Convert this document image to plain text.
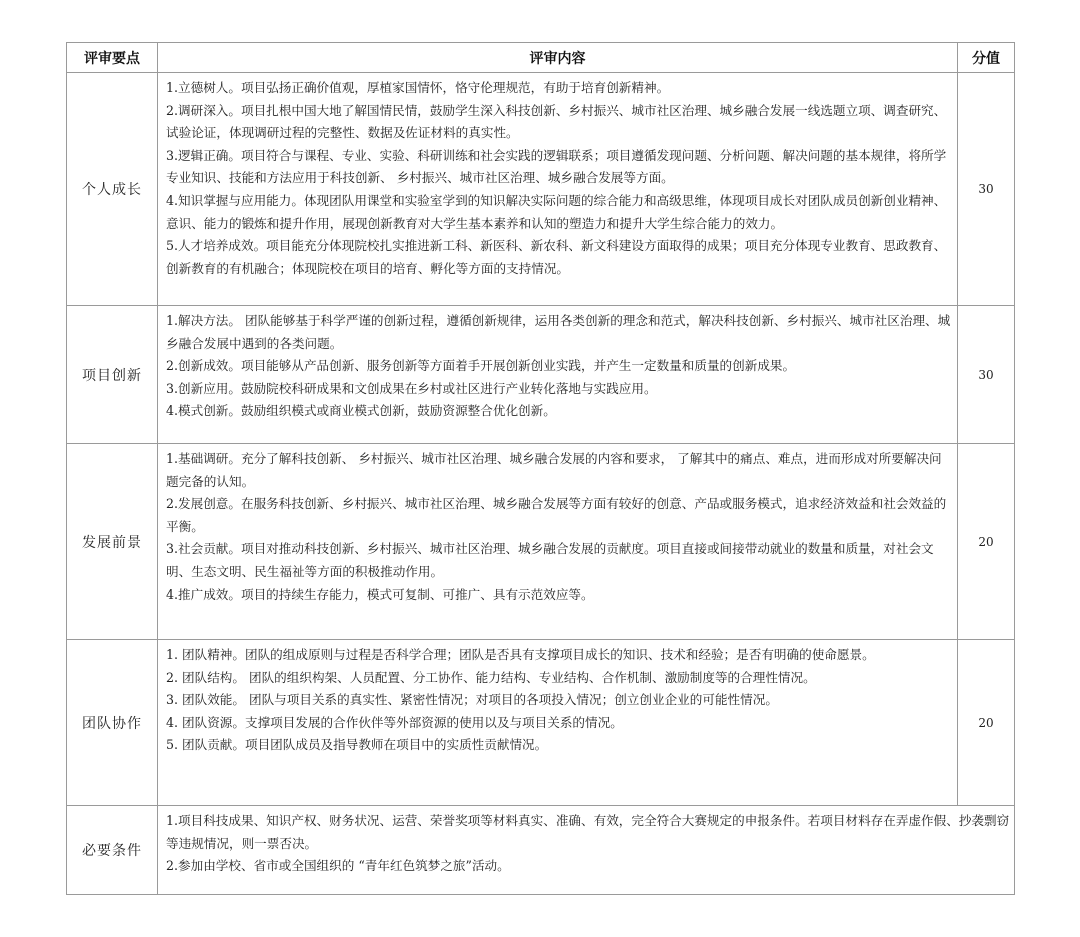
评审要点	评审内容	分值
个人成长	1.立德树人。项目弘扬正确价值观，厚植家国情怀，恪守伦理规范，有助于培育创新精神。
2.调研深入。项目扎根中国大地了解国情民情，鼓励学生深入科技创新、乡村振兴、城市社区治理、城乡融合发展一线选题立项、调查研究、试验论证，体现调研过程的完整性、数据及佐证材料的真实性。
3.逻辑正确。项目符合与课程、专业、实验、科研训练和社会实践的逻辑联系；项目遵循发现问题、分析问题、解决问题的基本规律，将所学专业知识、技能和方法应用于科技创新、 乡村振兴、城市社区治理、城乡融合发展等方面。
4.知识掌握与应用能力。体现团队用课堂和实验室学到的知识解决实际问题的综合能力和高级思维，体现项目成长对团队成员创新创业精神、意识、能力的锻炼和提升作用，展现创新教育对大学生基本素养和认知的塑造力和提升大学生综合能力的效力。
5.人才培养成效。项目能充分体现院校扎实推进新工科、新医科、新农科、新文科建设方面取得的成果；项目充分体现专业教育、思政教育、创新教育的有机融合；体现院校在项目的培育、孵化等方面的支持情况。	30
项目创新	1.解决方法。 团队能够基于科学严谨的创新过程，遵循创新规律，运用各类创新的理念和范式，解决科技创新、乡村振兴、城市社区治理、城乡融合发展中遇到的各类问题。
2.创新成效。项目能够从产品创新、服务创新等方面着手开展创新创业实践，并产生一定数量和质量的创新成果。
3.创新应用。鼓励院校科研成果和文创成果在乡村或社区进行产业转化落地与实践应用。
4.模式创新。鼓励组织模式或商业模式创新，鼓励资源整合优化创新。	30
发展前景	1.基础调研。充分了解科技创新、 乡村振兴、城市社区治理、城乡融合发展的内容和要求， 了解其中的痛点、难点，进而形成对所要解决问题完备的认知。
2.发展创意。在服务科技创新、乡村振兴、城市社区治理、城乡融合发展等方面有较好的创意、产品或服务模式，追求经济效益和社会效益的平衡。
3.社会贡献。项目对推动科技创新、乡村振兴、城市社区治理、城乡融合发展的贡献度。项目直接或间接带动就业的数量和质量，对社会文明、生态文明、民生福祉等方面的积极推动作用。
4.推广成效。项目的持续生存能力，模式可复制、可推广、具有示范效应等。	20
团队协作	1. 团队精神。团队的组成原则与过程是否科学合理；团队是否具有支撑项目成长的知识、技术和经验；是否有明确的使命愿景。
2. 团队结构。 团队的组织构架、人员配置、分工协作、能力结构、专业结构、合作机制、激励制度等的合理性情况。
3. 团队效能。 团队与项目关系的真实性、紧密性情况；对项目的各项投入情况；创立创业企业的可能性情况。
4. 团队资源。支撑项目发展的合作伙伴等外部资源的使用以及与项目关系的情况。
5. 团队贡献。项目团队成员及指导教师在项目中的实质性贡献情况。	20
必要条件	1.项目科技成果、知识产权、财务状况、运营、荣誉奖项等材料真实、准确、有效，完全符合大赛规定的申报条件。若项目材料存在弄虚作假、抄袭剽窃等违规情况，则一票否决。
2.参加由学校、省市或全国组织的 “青年红色筑梦之旅”活动。	
